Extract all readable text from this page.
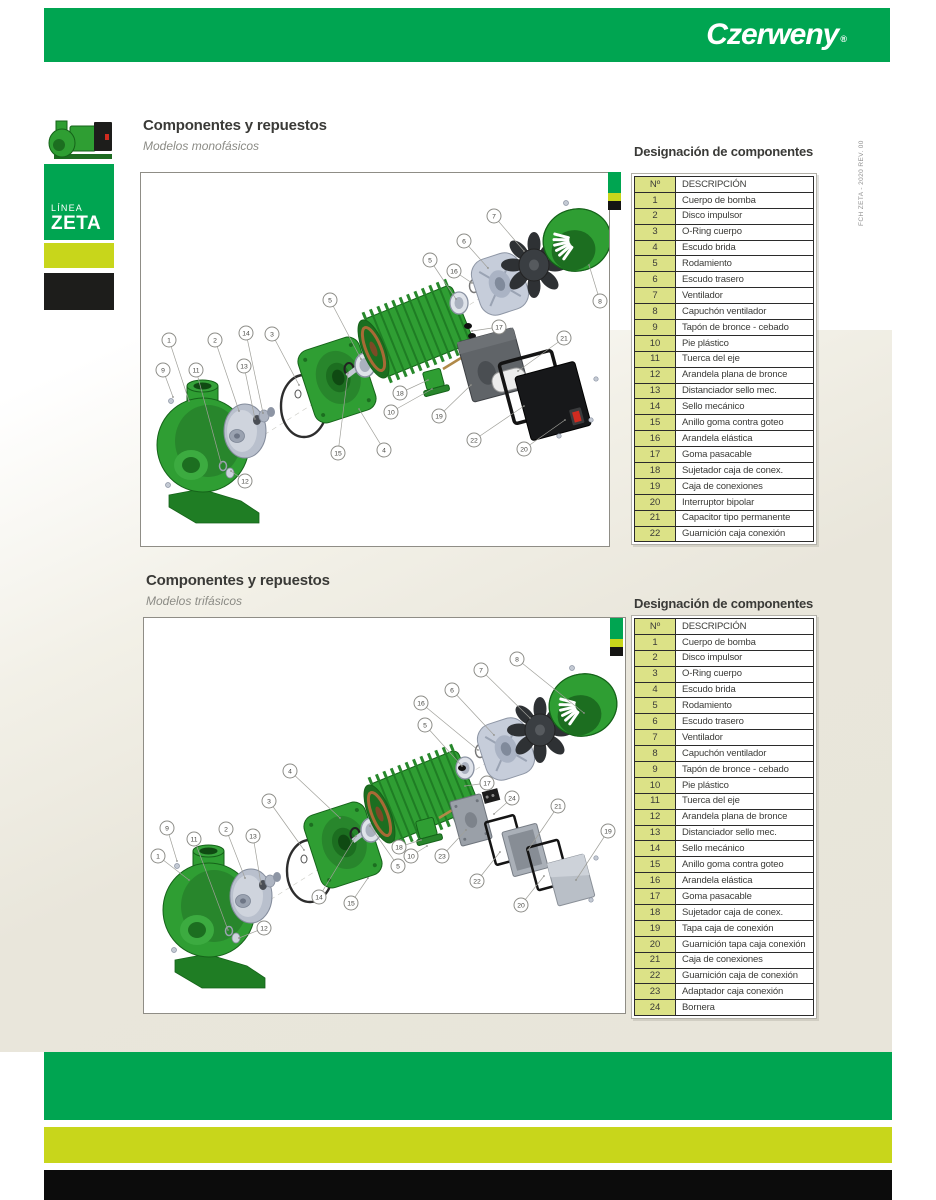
Czerweny ®
FCH ZETA - 2020 REV. 00
LÍNEA
ZETA
Componentes y repuestos

Modelos monofásicos

9
1
11
2
14
13
3
12
15	4
5
5
16
6
7
8
17
21
18
10
19
22
20
Designación de componentes
Nº	DESCRIPCIÓN
1	Cuerpo de bomba
2	Disco impulsor
3	O-Ring cuerpo
4	Escudo brida
5	Rodamiento
6	Escudo trasero
7	Ventilador
8	Capuchón ventilador
9	Tapón de bronce - cebado
10	Pie plástico
11	Tuerca del eje
12	Arandela plana de bronce
13	Distanciador sello mec.
14	Sello mecánico
15	Anillo goma contra goteo
16	Arandela elástica
17	Goma pasacable
18	Sujetador caja de conex.
19	Caja de conexiones
20	Interruptor bipolar
21	Capacitor tipo permanente
22	Guarnición caja conexión
Componentes y repuestos

Modelos trifásicos

9
1
11
2
13
3
4
12
14
15
5
5
16
6
7
8
17
24
21
19
18
10	23
22
20
Designación de componentes
Nº	DESCRIPCIÓN
1	Cuerpo de bomba
2	Disco impulsor
3	O-Ring cuerpo
4	Escudo brida
5	Rodamiento
6	Escudo trasero
7	Ventilador
8	Capuchón ventilador
9	Tapón de bronce - cebado
10	Pie plástico
11	Tuerca del eje
12	Arandela plana de bronce
13	Distanciador sello mec.
14	Sello mecánico
15	Anillo goma contra goteo
16	Arandela elástica
17	Goma pasacable
18	Sujetador caja de conex.
19	Tapa caja de conexión
20	Guarnición tapa caja conexión
21	Caja de conexiones
22	Guarnición caja de conexión
23	Adaptador caja conexión
24	Bornera
